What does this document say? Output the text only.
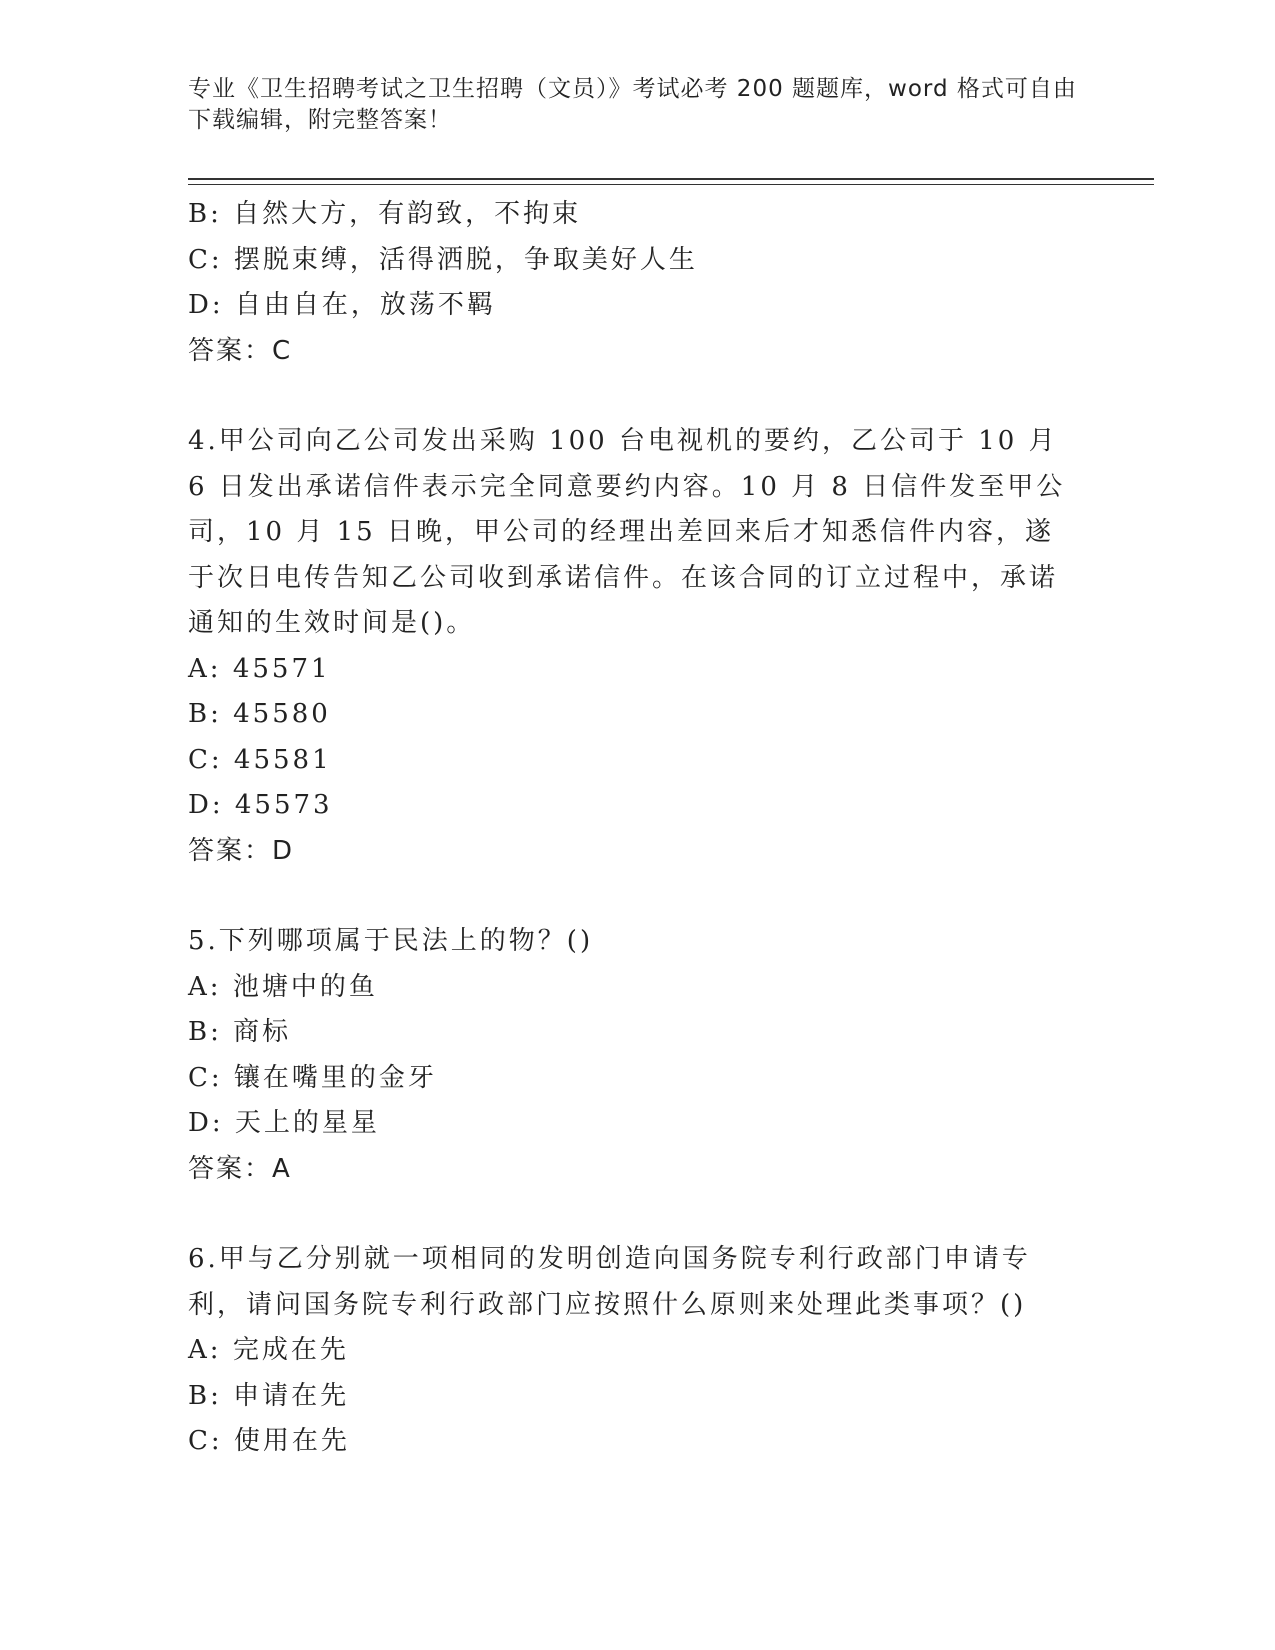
专业《卫生招聘考试之卫生招聘（文员）》考试必考 200 题题库，word 格式可自由下载编辑，附完整答案！
B: 自然大方，有韵致，不拘束
C: 摆脱束缚，活得洒脱，争取美好人生
D: 自由自在，放荡不羁
答案：C
4.甲公司向乙公司发出采购 100 台电视机的要约，乙公司于 10 月 6 日发出承诺信件表示完全同意要约内容。10 月 8 日信件发至甲公司，10 月 15 日晚，甲公司的经理出差回来后才知悉信件内容，遂于次日电传告知乙公司收到承诺信件。在该合同的订立过程中，承诺通知的生效时间是()。
A: 45571
B: 45580
C: 45581
D: 45573
答案：D
5.下列哪项属于民法上的物？()
A: 池塘中的鱼
B: 商标
C: 镶在嘴里的金牙
D: 天上的星星
答案：A
6.甲与乙分别就一项相同的发明创造向国务院专利行政部门申请专利，请问国务院专利行政部门应按照什么原则来处理此类事项？()
A: 完成在先
B: 申请在先
C: 使用在先
